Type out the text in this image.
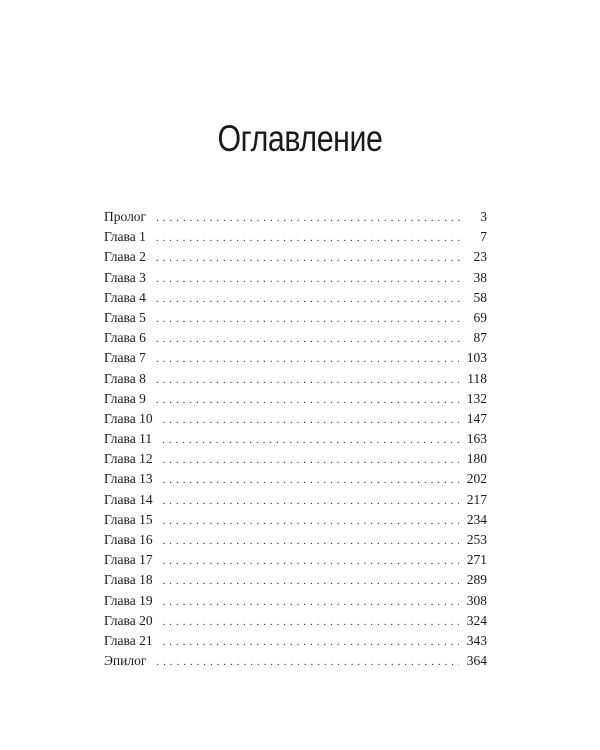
Оглавление
Пролог . . .	3
Глава 1 . . .	7
Глава 2 . . .	23
Глава 3 . . .	38
Глава 4 . . .	58
Глава 5 . . .	69
Глава 6 . . .	87
Глава 7 . . .	103
Глава 8 . . .	118
Глава 9 . . .	132
Глава 10 . . .	147
Глава 11 . . .	163
Глава 12 . . .	180
Глава 13 . . .	202
Глава 14 . . .	217
Глава 15 . . .	234
Глава 16 . . .	253
Глава 17 . . .	271
Глава 18 . . .	289
Глава 19 . . .	308
Глава 20 . . .	324
Глава 21 . . .	343
Эпилог . . .	364
